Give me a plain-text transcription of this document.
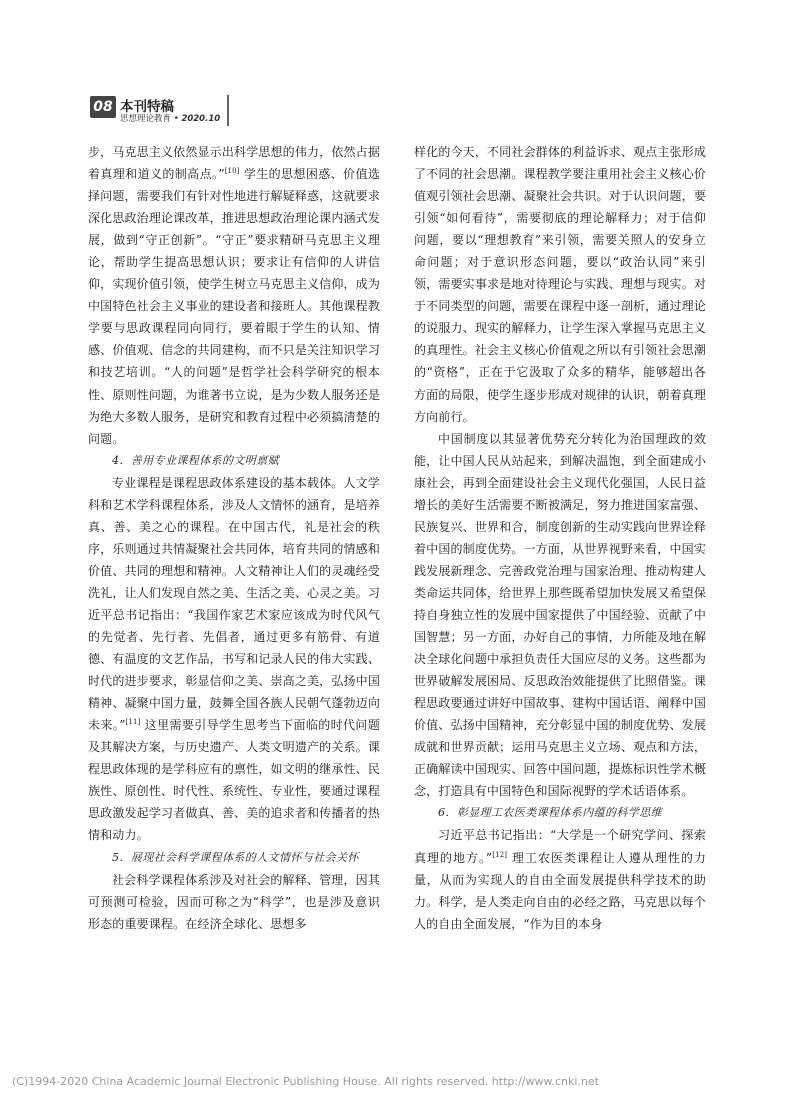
08 本刊特稿
思想理论教育 • 2020.10

步，马克思主义依然显示出科学思想的伟力，依然占据着真理和道义的制高点。”[10] 学生的思想困惑、价值选择问题，需要我们有针对性地进行解疑释惑，这就要求深化思政治理论课改革，推进思想政治理论课内涵式发展，做到“守正创新”。“守正”要求精研马克思主义理论，帮助学生提高思想认识；要求让有信仰的人讲信仰，实现价值引领，使学生树立马克思主义信仰，成为中国特色社会主义事业的建设者和接班人。其他课程教学要与思政课程同向同行，要着眼于学生的认知、情感、价值观、信念的共同建构，而不只是关注知识学习和技艺培训。“人的问题”是哲学社会科学研究的根本性、原则性问题，为谁著书立说，是为少数人服务还是为绝大多数人服务，是研究和教育过程中必须搞清楚的问题。

4．善用专业课程体系的文明禀赋

专业课程是课程思政体系建设的基本载体。人文学科和艺术学科课程体系，涉及人文情怀的涵育，是培养真、善、美之心的课程。在中国古代，礼是社会的秩序，乐则通过共情凝聚社会共同体，培育共同的情感和价值、共同的理想和精神。人文精神让人们的灵魂经受洗礼，让人们发现自然之美、生活之美、心灵之美。习近平总书记指出：“我国作家艺术家应该成为时代风气的先觉者、先行者、先倡者，通过更多有筋骨、有道德、有温度的文艺作品，书写和记录人民的伟大实践、时代的进步要求，彰显信仰之美、崇高之美，弘扬中国精神、凝聚中国力量，鼓舞全国各族人民朝气蓬勃迈向未来。”[11] 这里需要引导学生思考当下面临的时代问题及其解决方案，与历史遗产、人类文明遗产的关系。课程思政体现的是学科应有的禀性，如文明的继承性、民族性、原创性、时代性、系统性、专业性，要通过课程思政激发起学习者做真、善、美的追求者和传播者的热情和动力。

5．展现社会科学课程体系的人文情怀与社会关怀

社会科学课程体系涉及对社会的解释、管理，因其可预测可检验，因而可称之为“科学”，也是涉及意识形态的重要课程。在经济全球化、思想多

样化的今天，不同社会群体的利益诉求、观点主张形成了不同的社会思潮。课程教学要注重用社会主义核心价值观引领社会思潮、凝聚社会共识。对于认识问题，要引领“如何看待”，需要彻底的理论解释力；对于信仰问题，要以“理想教育”来引领，需要关照人的安身立命问题；对于意识形态问题，要以“政治认同”来引领，需要实事求是地对待理论与实践、理想与现实。对于不同类型的问题，需要在课程中逐一剖析，通过理论的说服力、现实的解释力，让学生深入掌握马克思主义的真理性。社会主义核心价值观之所以有引领社会思潮的“资格”，正在于它汲取了众多的精华，能够超出各方面的局限，使学生逐步形成对规律的认识，朝着真理方向前行。

中国制度以其显著优势充分转化为治国理政的效能，让中国人民从站起来，到解决温饱，到全面建成小康社会，再到全面建设社会主义现代化强国，人民日益增长的美好生活需要不断被满足，努力推进国家富强、民族复兴、世界和合，制度创新的生动实践向世界诠释着中国的制度优势。一方面，从世界视野来看，中国实践发展新理念、完善政党治理与国家治理、推动构建人类命运共同体，给世界上那些既希望加快发展又希望保持自身独立性的发展中国家提供了中国经验、贡献了中国智慧；另一方面，办好自己的事情，力所能及地在解决全球化问题中承担负责任大国应尽的义务。这些都为世界破解发展困局、反思政治效能提供了比照借鉴。课程思政要通过讲好中国故事、建构中国话语、阐释中国价值、弘扬中国精神，充分彰显中国的制度优势、发展成就和世界贡献；运用马克思主义立场、观点和方法，正确解读中国现实、回答中国问题，提炼标识性学术概念，打造具有中国特色和国际视野的学术话语体系。

6．彰显理工农医类课程体系内蕴的科学思维

习近平总书记指出：“大学是一个研究学问、探索真理的地方。”[12] 理工农医类课程让人遵从理性的力量，从而为实现人的自由全面发展提供科学技术的助力。科学，是人类走向自由的必经之路，马克思以每个人的自由全面发展，“作为目的本身

(C)1994-2020 China Academic Journal Electronic Publishing House. All rights reserved. http://www.cnki.net
